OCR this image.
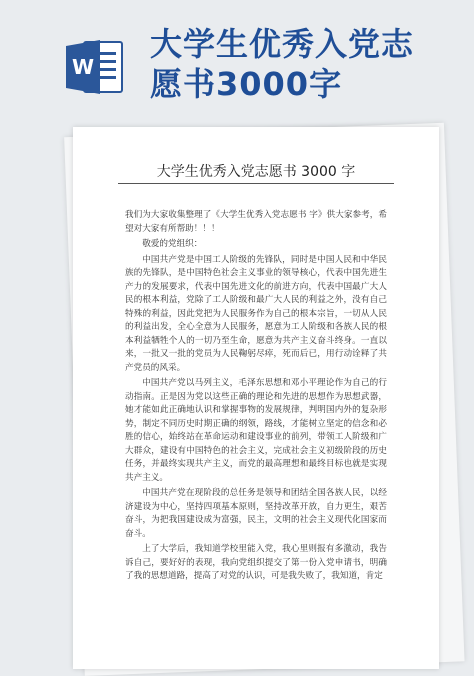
W
大学生优秀入党志
愿书3000字
大学生优秀入党志愿书 3000 字

我们为大家收集整理了《大学生优秀入党志愿书 字》供大家参考，希望对大家有所帮助！！！

敬爱的党组织：

中国共产党是中国工人阶级的先锋队，同时是中国人民和中华民族的先锋队，是中国特色社会主义事业的领导核心，代表中国先进生产力的发展要求，代表中国先进文化的前进方向，代表中国最广大人民的根本利益，党除了工人阶级和最广大人民的利益之外，没有自己特殊的利益，因此党把为人民服务作为自己的根本宗旨，一切从人民的利益出发，全心全意为人民服务，愿意为工人阶级和各族人民的根本利益牺牲个人的一切乃至生命，愿意为共产主义奋斗终身。一直以来，一批又一批的党员为人民鞠躬尽瘁，死而后已，用行动诠释了共产党员的风采。

中国共产党以马列主义，毛泽东思想和邓小平理论作为自己的行动指南。正是因为党以这些正确的理论和先进的思想作为思想武器，她才能如此正确地认识和掌握事物的发展规律，判明国内外的复杂形势，制定不同历史时期正确的纲领，路线，才能树立坚定的信念和必胜的信心，始终站在革命运动和建设事业的前列，带领工人阶级和广大群众，建设有中国特色的社会主义，完成社会主义初级阶段的历史任务，并最终实现共产主义，而党的最高理想和最终目标也就是实现共产主义。

中国共产党在现阶段的总任务是领导和团结全国各族人民，以经济建设为中心，坚持四项基本原则，坚持改革开放，自力更生，艰苦奋斗，为把我国建设成为富强，民主，文明的社会主义现代化国家而奋斗。

上了大学后，我知道学校里能入党，我心里则报有多激动，我告诉自己，要好好的表现，我向党组织提交了第一份入党申请书，明确了我的思想道路，提高了对党的认识，可是我失败了，我知道，肯定
